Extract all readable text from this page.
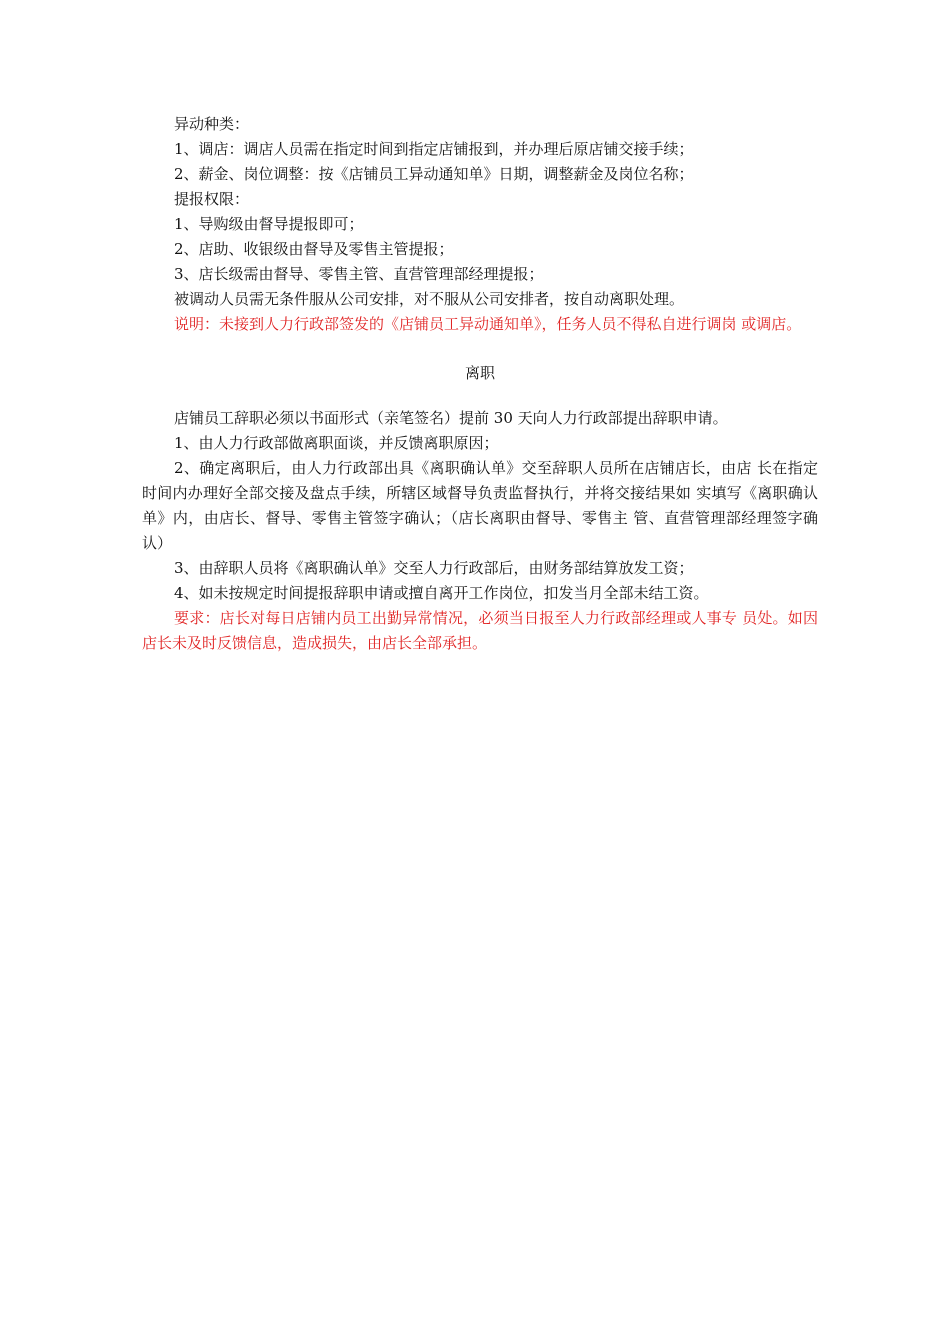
异动种类：

1、调店：调店人员需在指定时间到指定店铺报到，并办理后原店铺交接手续；

2、薪金、岗位调整：按《店铺员工异动通知单》日期，调整薪金及岗位名称；

提报权限：

1、导购级由督导提报即可；

2、店助、收银级由督导及零售主管提报；

3、店长级需由督导、零售主管、直营管理部经理提报；

被调动人员需无条件服从公司安排，对不服从公司安排者，按自动离职处理。

说明：未接到人力行政部签发的《店铺员工异动通知单》，任务人员不得私自进行调岗 或调店。

离职

店铺员工辞职必须以书面形式（亲笔签名）提前 30 天向人力行政部提出辞职申请。

1、由人力行政部做离职面谈，并反馈离职原因；

2、确定离职后，由人力行政部出具《离职确认单》交至辞职人员所在店铺店长，由店 长在指定时间内办理好全部交接及盘点手续，所辖区域督导负责监督执行，并将交接结果如 实填写《离职确认单》内，由店长、督导、零售主管签字确认；（店长离职由督导、零售主 管、直营管理部经理签字确认）

3、由辞职人员将《离职确认单》交至人力行政部后，由财务部结算放发工资；

4、如未按规定时间提报辞职申请或擅自离开工作岗位，扣发当月全部未结工资。

要求：店长对每日店铺内员工出勤异常情况，必须当日报至人力行政部经理或人事专 员处。如因店长未及时反馈信息，造成损失，由店长全部承担。
